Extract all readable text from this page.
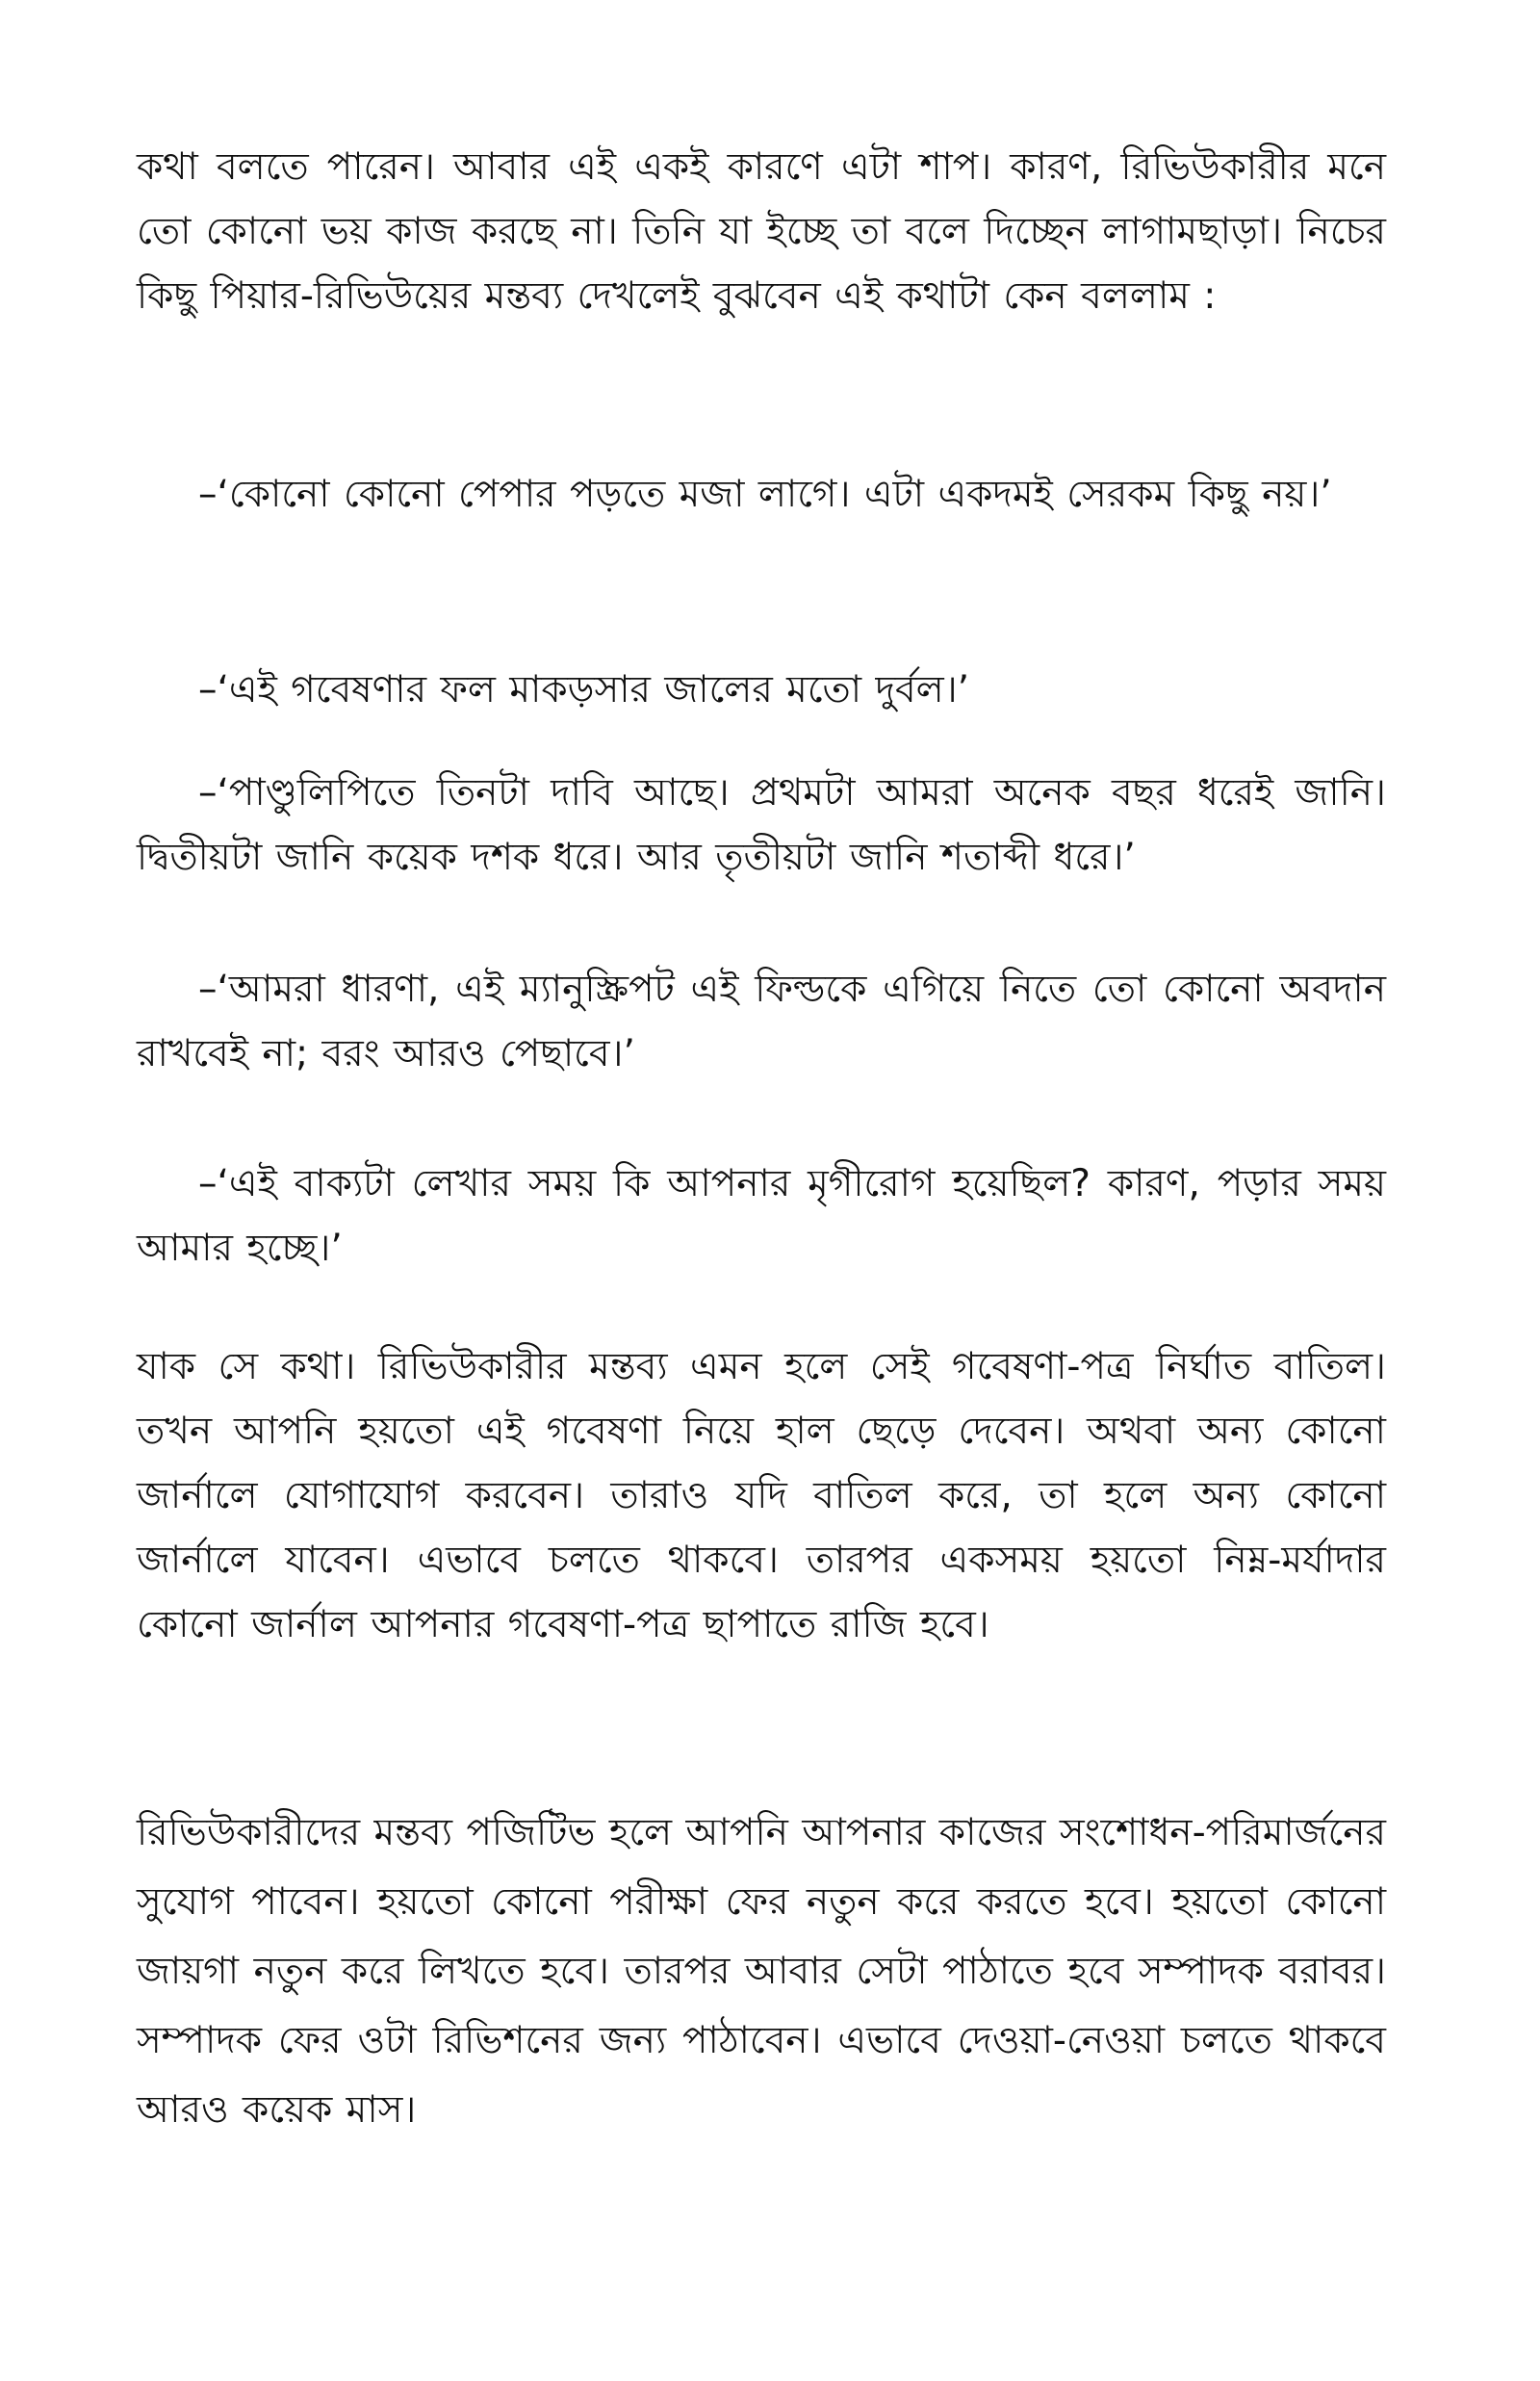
কথা বলতে পারেন। আবার এই একই কারণে এটা শাপ। কারণ, রিভিউকারীর মনে তো কোনো ভয় কাজ করছে না। তিনি যা ইচ্ছে তা বলে দিচ্ছেন লাগামছাড়া। নিচের কিছু পিয়ার-রিভিউয়ের মন্তব্য দেখলেই বুঝবেন এই কথাটা কেন বললাম :

–‘কোনো কোনো পেপার পড়তে মজা লাগে। এটা একদমই সেরকম কিছু নয়।’

–‘এই গবেষণার ফল মাকড়সার জালের মতো দুর্বল।’

–‘পাণ্ডুলিপিতে তিনটা দাবি আছে। প্রথমটা আমরা অনেক বছর ধরেই জানি। দ্বিতীয়টা জানি কয়েক দশক ধরে। আর তৃতীয়টা জানি শতাব্দী ধরে।’

–‘আমরা ধারণা, এই ম্যানুস্ক্রিপট এই ফিল্ডকে এগিয়ে নিতে তো কোনো অবদান রাখবেই না; বরং আরও পেছাবে।’

–‘এই বাক্যটা লেখার সময় কি আপনার মৃগীরোগ হয়েছিল? কারণ, পড়ার সময় আমার হচ্ছে।’

যাক সে কথা। রিভিউকারীর মন্তব্য এমন হলে সেই গবেষণা-পত্র নির্ঘাত বাতিল। তখন আপনি হয়তো এই গবেষণা নিয়ে হাল ছেড়ে দেবেন। অথবা অন্য কোনো জার্নালে যোগাযোগ করবেন। তারাও যদি বাতিল করে, তা হলে অন্য কোনো জার্নালে যাবেন। এভাবে চলতে থাকবে। তারপর একসময় হয়তো নিম্ন-মর্যাদার কোনো জার্নাল আপনার গবেষণা-পত্র ছাপাতে রাজি হবে।

রিভিউকারীদের মন্তব্য পজিটিভ হলে আপনি আপনার কাজের সংশোধন-পরিমার্জনের সুযোগ পাবেন। হয়তো কোনো পরীক্ষা ফের নতুন করে করতে হবে। হয়তো কোনো জায়গা নতুন করে লিখতে হবে। তারপর আবার সেটা পাঠাতে হবে সম্পাদক বরাবর। সম্পাদক ফের ওটা রিভিশনের জন্য পাঠাবেন। এভাবে দেওয়া-নেওয়া চলতে থাকবে আরও কয়েক মাস।
